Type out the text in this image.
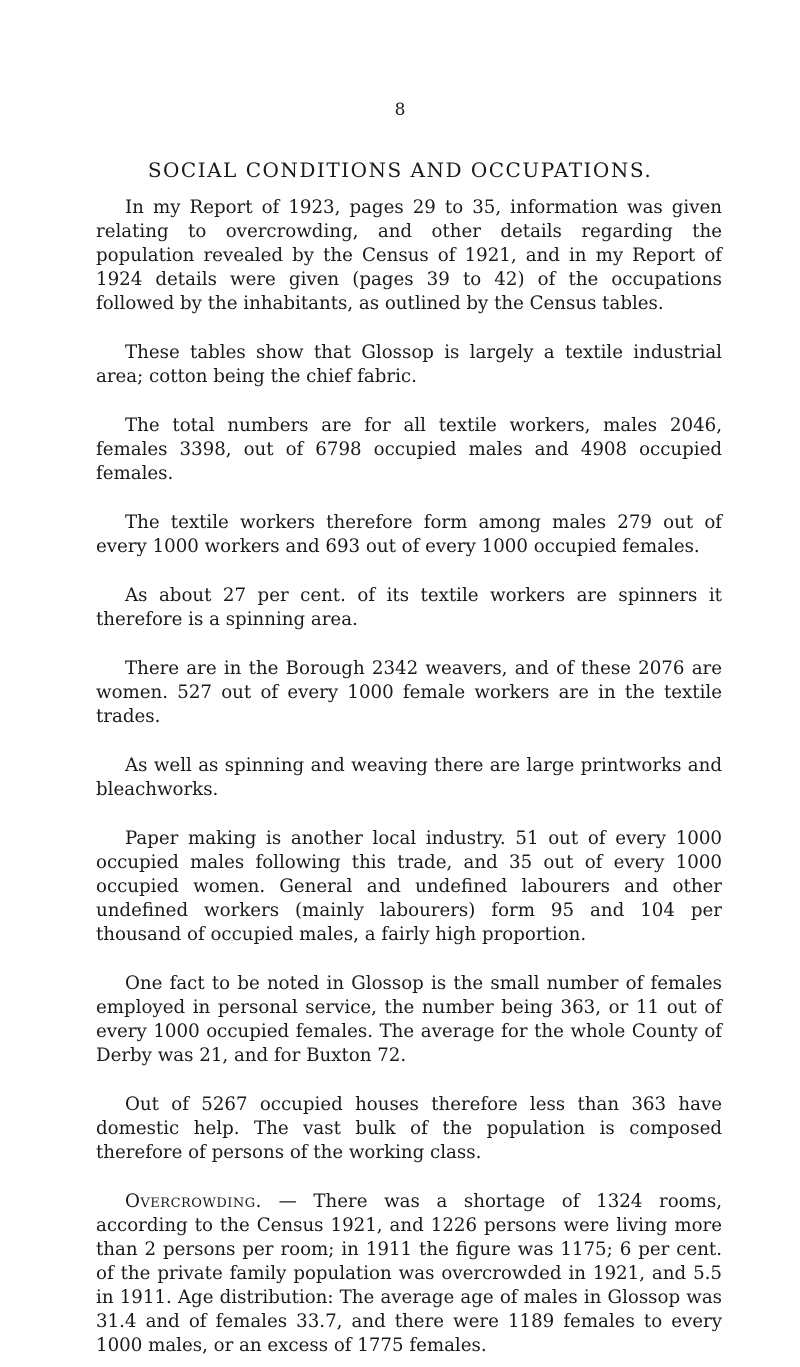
8
SOCIAL CONDITIONS AND OCCUPATIONS.

In my Report of 1923, pages 29 to 35, information was given relating to overcrowding, and other details regarding the population revealed by the Census of 1921, and in my Report of 1924 details were given (pages 39 to 42) of the occupations followed by the inhabitants, as outlined by the Census tables.

These tables show that Glossop is largely a textile industrial area; cotton being the chief fabric.

The total numbers are for all textile workers, males 2046, females 3398, out of 6798 occupied males and 4908 occupied females.

The textile workers therefore form among males 279 out of every 1000 workers and 693 out of every 1000 occupied females.

As about 27 per cent. of its textile workers are spinners it therefore is a spinning area.

There are in the Borough 2342 weavers, and of these 2076 are women. 527 out of every 1000 female workers are in the textile trades.

As well as spinning and weaving there are large printworks and bleachworks.

Paper making is another local industry. 51 out of every 1000 occupied males following this trade, and 35 out of every 1000 occupied women. General and undefined labourers and other undefined workers (mainly labourers) form 95 and 104 per thousand of occupied males, a fairly high proportion.

One fact to be noted in Glossop is the small number of females employed in personal service, the number being 363, or 11 out of every 1000 occupied females. The average for the whole County of Derby was 21, and for Buxton 72.

Out of 5267 occupied houses therefore less than 363 have domestic help. The vast bulk of the population is composed therefore of persons of the working class.

Overcrowding. — There was a shortage of 1324 rooms, according to the Census 1921, and 1226 persons were living more than 2 persons per room; in 1911 the figure was 1175; 6 per cent. of the private family population was overcrowded in 1921, and 5.5 in 1911. Age distribution: The average age of males in Glossop was 31.4 and of females 33.7, and there were 1189 females to every 1000 males, or an excess of 1775 females.
